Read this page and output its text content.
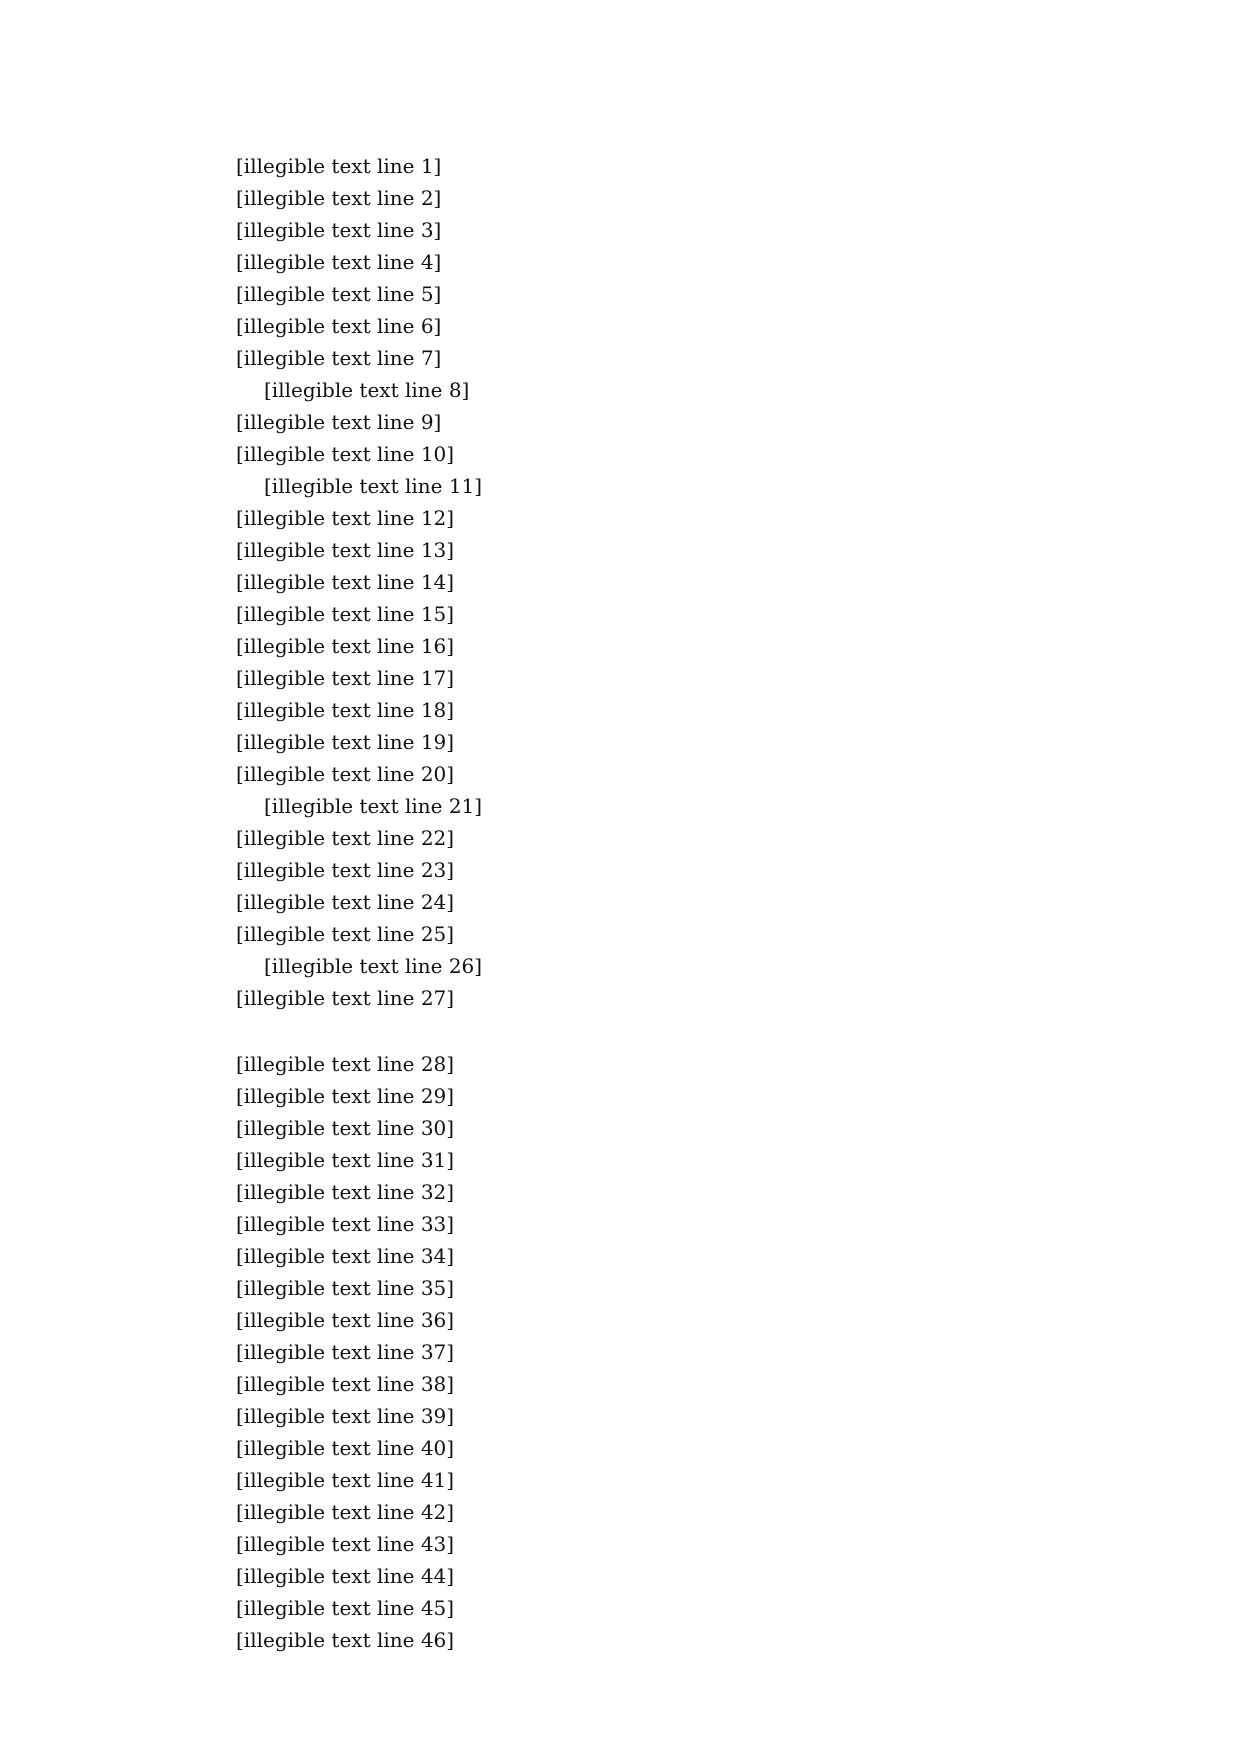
[illegible text line 1]
[illegible text line 2]
[illegible text line 3]
[illegible text line 4]
[illegible text line 5]
[illegible text line 6]
[illegible text line 7]
[illegible text line 8]
[illegible text line 9]
[illegible text line 10]
[illegible text line 11]
[illegible text line 12]
[illegible text line 13]
[illegible text line 14]
[illegible text line 15]
[illegible text line 16]
[illegible text line 17]
[illegible text line 18]
[illegible text line 19]
[illegible text line 20]
[illegible text line 21]
[illegible text line 22]
[illegible text line 23]
[illegible text line 24]
[illegible text line 25]
[illegible text line 26]
[illegible text line 27]
[illegible text line 28]
[illegible text line 29]
[illegible text line 30]
[illegible text line 31]
[illegible text line 32]
[illegible text line 33]
[illegible text line 34]
[illegible text line 35]
[illegible text line 36]
[illegible text line 37]
[illegible text line 38]
[illegible text line 39]
[illegible text line 40]
[illegible text line 41]
[illegible text line 42]
[illegible text line 43]
[illegible text line 44]
[illegible text line 45]
[illegible text line 46]
